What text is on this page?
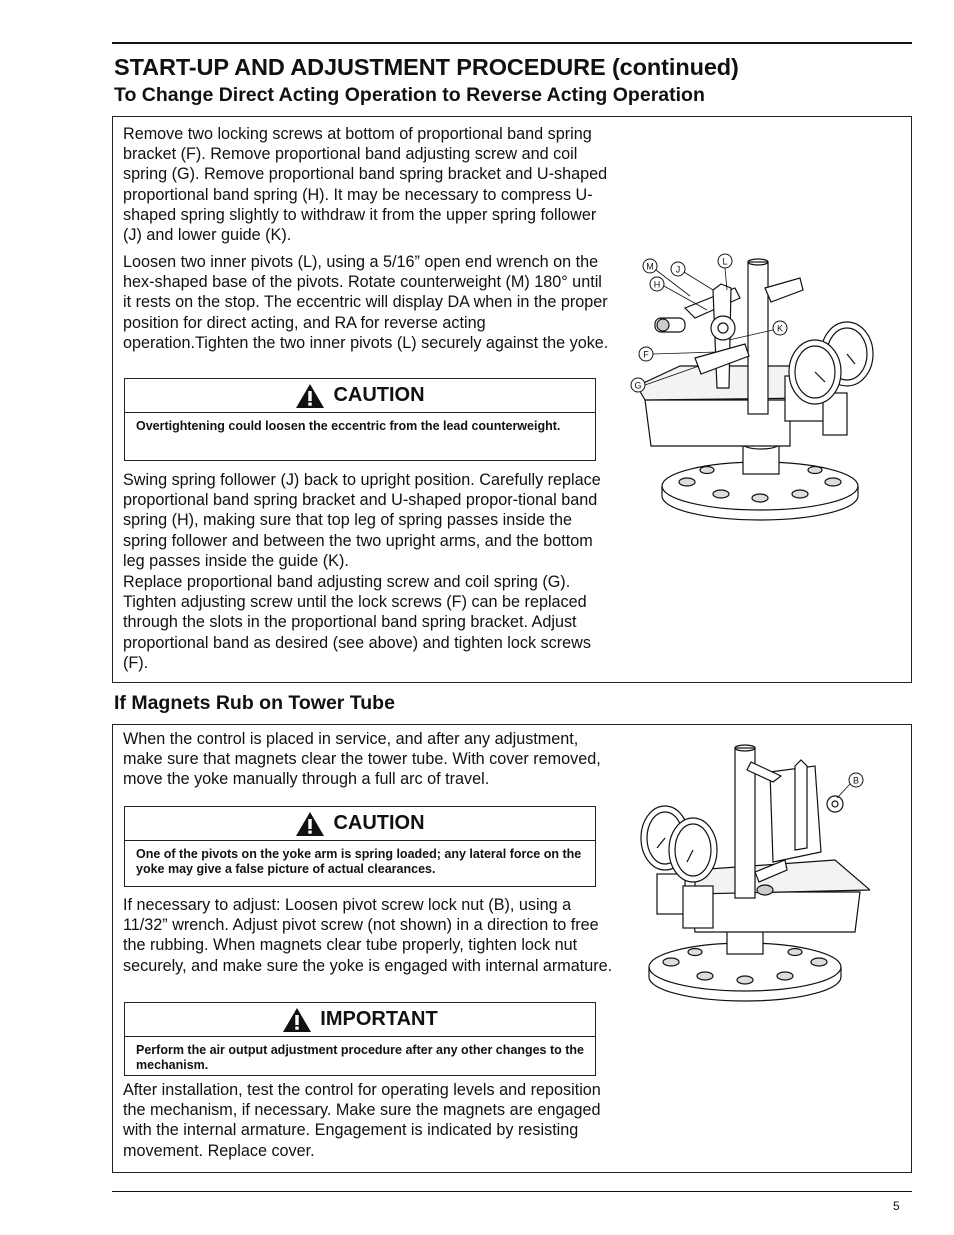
START-UP AND ADJUSTMENT PROCEDURE (continued)
To Change Direct Acting Operation to Reverse Acting Operation

Remove two locking screws at bottom of proportional band spring bracket (F). Remove proportional band adjusting screw and coil spring (G). Remove proportional band spring bracket and U-shaped proportional band spring (H). It may be necessary to compress U-shaped spring slightly to withdraw it from the upper spring follower (J) and lower guide (K).

Loosen two inner pivots (L), using a 5/16” open end wrench on the hex-shaped base of the pivots. Rotate counterweight (M) 180° until it rests on the stop. The eccentric will display DA when in the proper position for direct acting, and RA for reverse acting operation.Tighten the two inner pivots (L) securely against the yoke.

CAUTION
Overtightening could loosen the eccentric from the lead counterweight.

Swing spring follower (J) back to upright position. Carefully replace proportional band spring bracket and U-shaped propor-tional band spring (H), making sure that top leg of spring passes inside the spring follower and between the two upright arms, and the bottom leg passes inside the guide (K).

Replace proportional band adjusting screw and coil spring (G). Tighten adjusting screw until the lock screws (F) can be replaced through the slots in the proportional band spring bracket. Adjust proportional band as desired (see above) and tighten lock screws (F).

M J
L
H
K
F
G
If Magnets Rub on Tower Tube

When the control is placed in service, and after any adjustment, make sure that magnets clear the tower tube. With cover removed, move the yoke manually through a full arc of travel.

CAUTION
One of the pivots on the yoke arm is spring loaded; any lateral force on the yoke may give a false picture of actual clearances.

If necessary to adjust: Loosen pivot screw lock nut (B), using a 11/32” wrench. Adjust pivot screw (not shown) in a direction to free the rubbing. When magnets clear tube properly, tighten lock nut securely, and make sure the yoke is engaged with internal armature.

IMPORTANT
Perform the air output adjustment procedure after any other changes to the mechanism.

After installation, test the control for operating levels and reposition the mechanism, if necessary. Make sure the magnets are engaged with the internal armature. Engagement is indicated by resisting movement. Replace cover.

B
5
